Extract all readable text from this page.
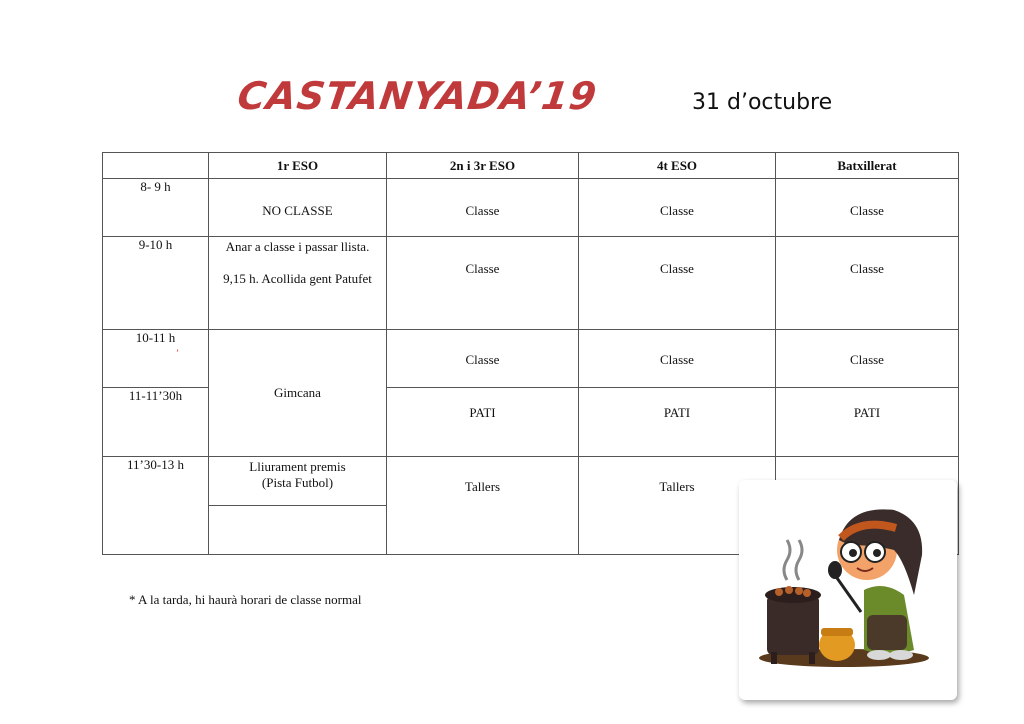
CASTANYADA’19	31 d’octubre
	1r ESO	2n i 3r ESO	4t ESO	Batxillerat
8- 9 h	NO CLASSE	Classe	Classe	Classe
9-10 h	Anar a classe i passar llista.
9,15 h. Acollida gent Patufet	Classe	Classe	Classe
10-11 h	Gimcana	Classe	Classe	Classe
11-11’30h		PATI	PATI	PATI
11’30-13 h	Lliurament premis
(Pista Futbol)	Tallers	Tallers	

’
* A la tarda, hi haurà horari de classe normal
